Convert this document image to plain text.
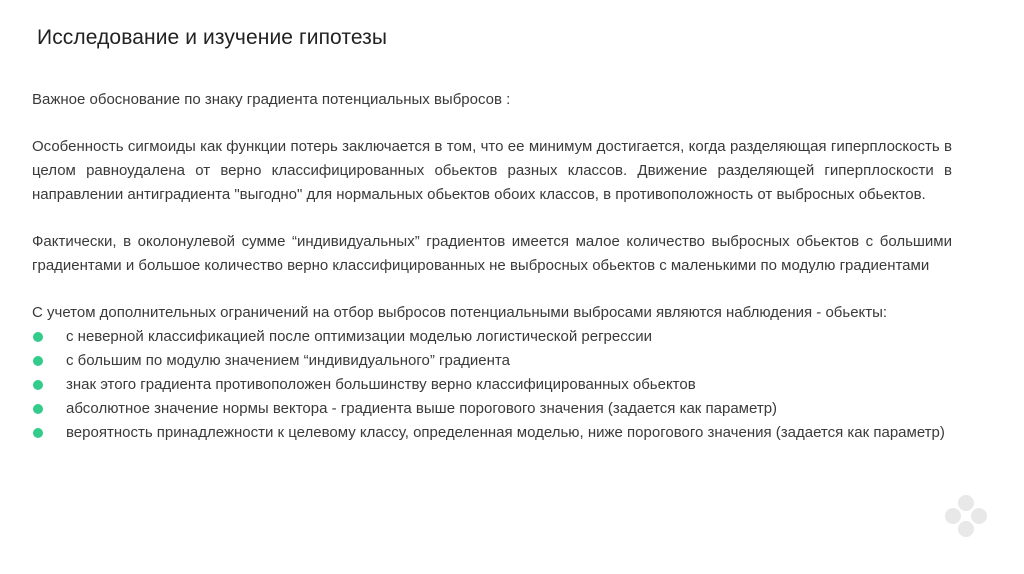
Исследование и изучение гипотезы

Важное обоснование по знаку градиента потенциальных выбросов :

Особенность сигмоиды как функции потерь заключается в том, что ее минимум достигается, когда разделяющая гиперплоскость в целом равноудалена от верно классифицированных обьектов разных классов. Движение разделяющей гиперплоскости в направлении антиградиента "выгодно" для нормальных обьектов обоих классов, в противоположность от выбросных обьектов.

Фактически, в околонулевой сумме “индивидуальных” градиентов имеется малое количество выбросных обьектов с большими градиентами и большое количество верно классифицированных не выбросных обьектов с маленькими по модулю градиентами

С учетом дополнительных ограничений на отбор выбросов потенциальными выбросами являются наблюдения - обьекты:

с неверной классификацией после оптимизации моделью логистической регрессии
с большим по модулю значением “индивидуального” градиента
знак этого градиента противоположен большинству верно классифицированных обьектов
абсолютное значение нормы вектора - градиента выше порогового значения (задается как параметр)
вероятность принадлежности к целевому классу, определенная моделью, ниже порогового значения (задается как параметр)
